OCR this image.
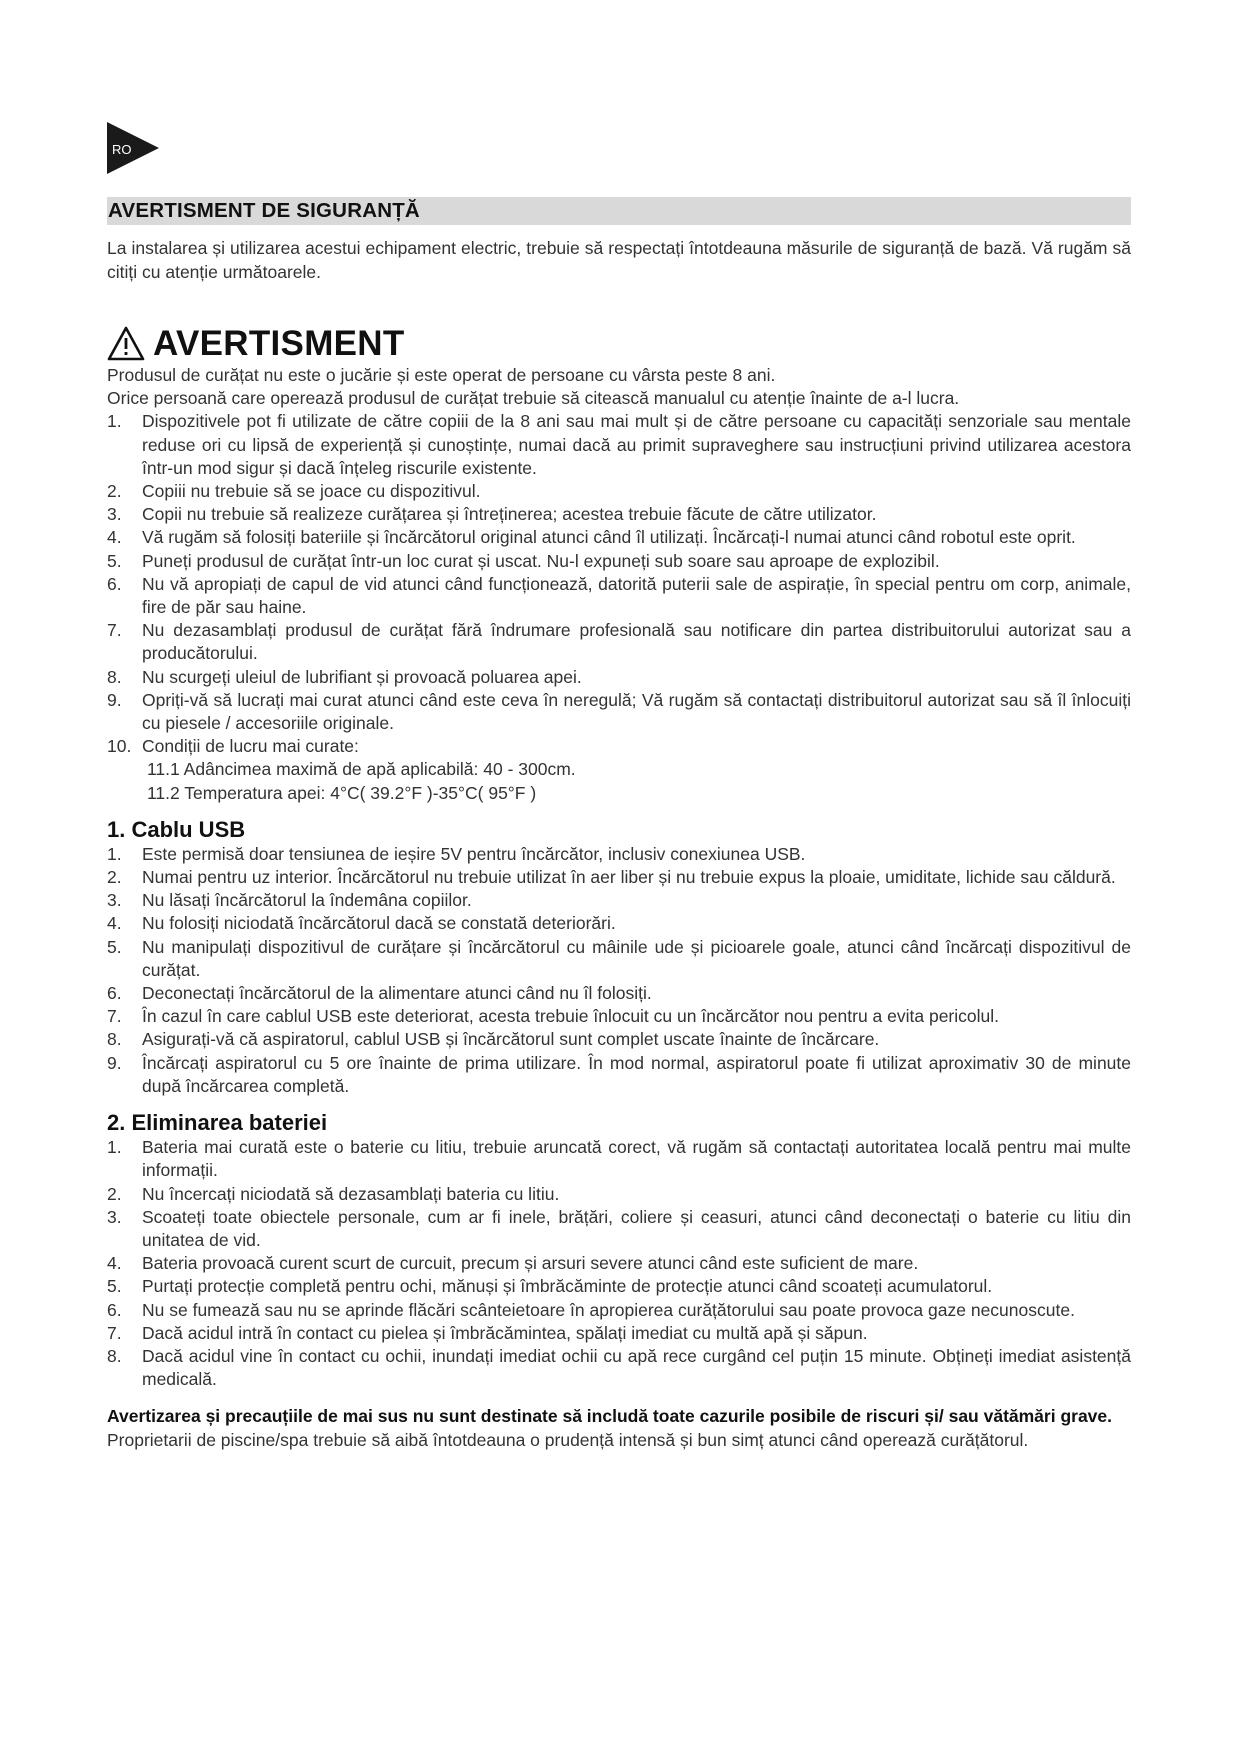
RO
AVERTISMENT DE SIGURANȚĂ
La instalarea și utilizarea acestui echipament electric, trebuie să respectați întotdeauna măsurile de siguranță de bază. Vă rugăm să citiți cu atenție următoarele.
AVERTISMENT
Produsul de curățat nu este o jucărie și este operat de persoane cu vârsta peste 8 ani.
Orice persoană care operează produsul de curățat trebuie să citească manualul cu atenție înainte de a-l lucra.
1. Dispozitivele pot fi utilizate de către copiii de la 8 ani sau mai mult și de către persoane cu capacități senzoriale sau mentale reduse ori cu lipsă de experiență și cunoștințe, numai dacă au primit supraveghere sau instrucțiuni privind utilizarea acestora într-un mod sigur și dacă înțeleg riscurile existente.
2. Copiii nu trebuie să se joace cu dispozitivul.
3. Copii nu trebuie să realizeze curățarea și întreținerea; acestea trebuie făcute de către utilizator.
4. Vă rugăm să folosiți bateriile și încărcătorul original atunci când îl utilizați. Încărcați-l numai atunci când robotul este oprit.
5. Puneți produsul de curățat într-un loc curat și uscat. Nu-l expuneți sub soare sau aproape de explozibil.
6. Nu vă apropiați de capul de vid atunci când funcționează, datorită puterii sale de aspirație, în special pentru om corp, animale, fire de păr sau haine.
7. Nu dezasamblați produsul de curățat fără îndrumare profesională sau notificare din partea distribuitorului autorizat sau a producătorului.
8. Nu scurgeți uleiul de lubrifiant și provoacă poluarea apei.
9. Opriți-vă să lucrați mai curat atunci când este ceva în neregulă; Vă rugăm să contactați distribuitorul autorizat sau să îl înlocuiți cu piesele / accesoriile originale.
10. Condiții de lucru mai curate:
11.1 Adâncimea maximă de apă aplicabilă: 40 - 300cm.
11.2 Temperatura apei: 4°C( 39.2°F )-35°C( 95°F )
1. Cablu USB
1. Este permisă doar tensiunea de ieșire 5V pentru încărcător, inclusiv conexiunea USB.
2. Numai pentru uz interior. Încărcătorul nu trebuie utilizat în aer liber și nu trebuie expus la ploaie, umiditate, lichide sau căldură.
3. Nu lăsați încărcătorul la îndemâna copiilor.
4. Nu folosiți niciodată încărcătorul dacă se constată deteriorări.
5. Nu manipulați dispozitivul de curățare și încărcătorul cu mâinile ude și picioarele goale, atunci când încărcați dispozitivul de curățat.
6. Deconectați încărcătorul de la alimentare atunci când nu îl folosiți.
7. În cazul în care cablul USB este deteriorat, acesta trebuie înlocuit cu un încărcător nou pentru a evita pericolul.
8. Asigurați-vă că aspiratorul, cablul USB și încărcătorul sunt complet uscate înainte de încărcare.
9. Încărcați aspiratorul cu 5 ore înainte de prima utilizare. În mod normal, aspiratorul poate fi utilizat aproximativ 30 de minute după încărcarea completă.
2. Eliminarea bateriei
1. Bateria mai curată este o baterie cu litiu, trebuie aruncată corect, vă rugăm să contactați autoritatea locală pentru mai multe informații.
2. Nu încercați niciodată să dezasamblați bateria cu litiu.
3. Scoateți toate obiectele personale, cum ar fi inele, brățări, coliere și ceasuri, atunci când deconectați o baterie cu litiu din unitatea de vid.
4. Bateria provoacă curent scurt de curcuit, precum și arsuri severe atunci când este suficient de mare.
5. Purtați protecție completă pentru ochi, mănuși și îmbrăcăminte de protecție atunci când scoateți acumulatorul.
6. Nu se fumează sau nu se aprinde flăcări scânteietoare în apropierea curățătorului sau poate provoca gaze necunoscute.
7. Dacă acidul intră în contact cu pielea și îmbrăcămintea, spălați imediat cu multă apă și săpun.
8. Dacă acidul vine în contact cu ochii, inundați imediat ochii cu apă rece curgând cel puțin 15 minute. Obțineți imediat asistență medicală.
Avertizarea și precauțiile de mai sus nu sunt destinate să includă toate cazurile posibile de riscuri și/ sau vătămări grave. Proprietarii de piscine/spa trebuie să aibă întotdeauna o prudență intensă și bun simț atunci când operează curățătorul.
